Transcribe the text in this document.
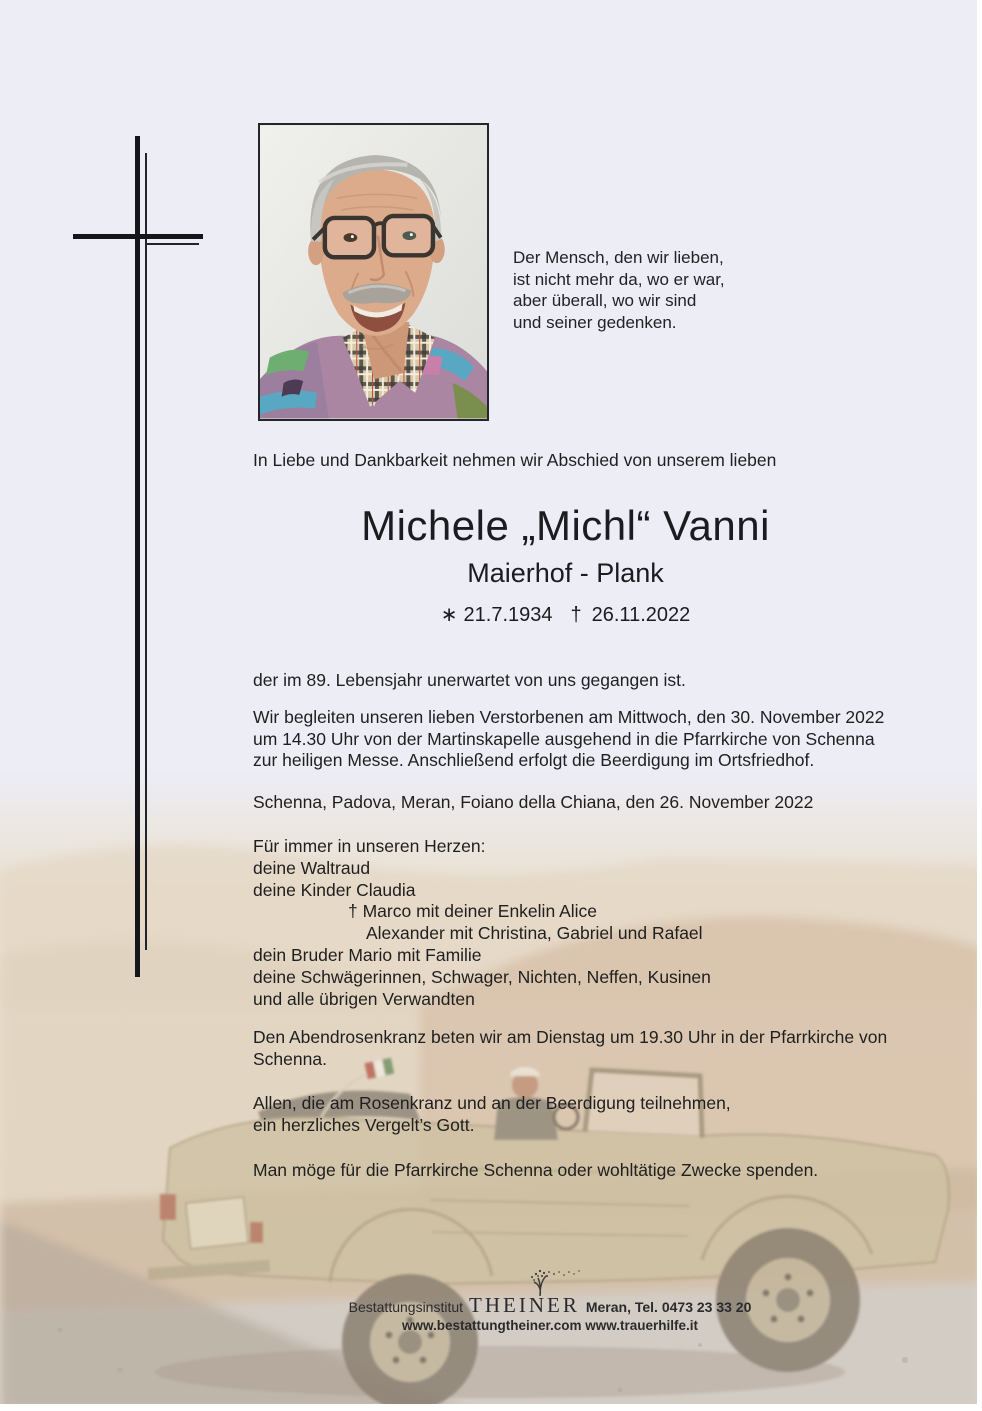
Der Mensch, den wir lieben,
ist nicht mehr da, wo er war,
aber überall, wo wir sind
und seiner gedenken.
In Liebe und Dankbarkeit nehmen wir Abschied von unserem lieben
Michele „Michl“ Vanni
Maierhof - Plank
∗ 21.7.1934 † 26.11.2022
der im 89. Lebensjahr unerwartet von uns gegangen ist.
Wir begleiten unseren lieben Verstorbenen am Mittwoch, den 30. November 2022 um 14.30 Uhr von der Martinskapelle ausgehend in die Pfarrkirche von Schenna zur heiligen Messe. Anschließend erfolgt die Beerdigung im Ortsfriedhof.
Schenna, Padova, Meran, Foiano della Chiana, den 26. November 2022
Für immer in unseren Herzen:
deine Waltraud
deine Kinder Claudia
† Marco mit deiner Enkelin Alice
Alexander mit Christina, Gabriel und Rafael
dein Bruder Mario mit Familie
deine Schwägerinnen, Schwager, Nichten, Neffen, Kusinen
und alle übrigen Verwandten
Den Abendrosenkranz beten wir am Dienstag um 19.30 Uhr in der Pfarrkirche von Schenna.
Allen, die am Rosenkranz und an der Beerdigung teilnehmen,
ein herzliches Vergelt’s Gott.
Man möge für die Pfarrkirche Schenna oder wohltätige Zwecke spenden.
Bestattungsinstitut THEINER Meran, Tel. 0473 23 33 20
www.bestattungtheiner.com www.trauerhilfe.it
